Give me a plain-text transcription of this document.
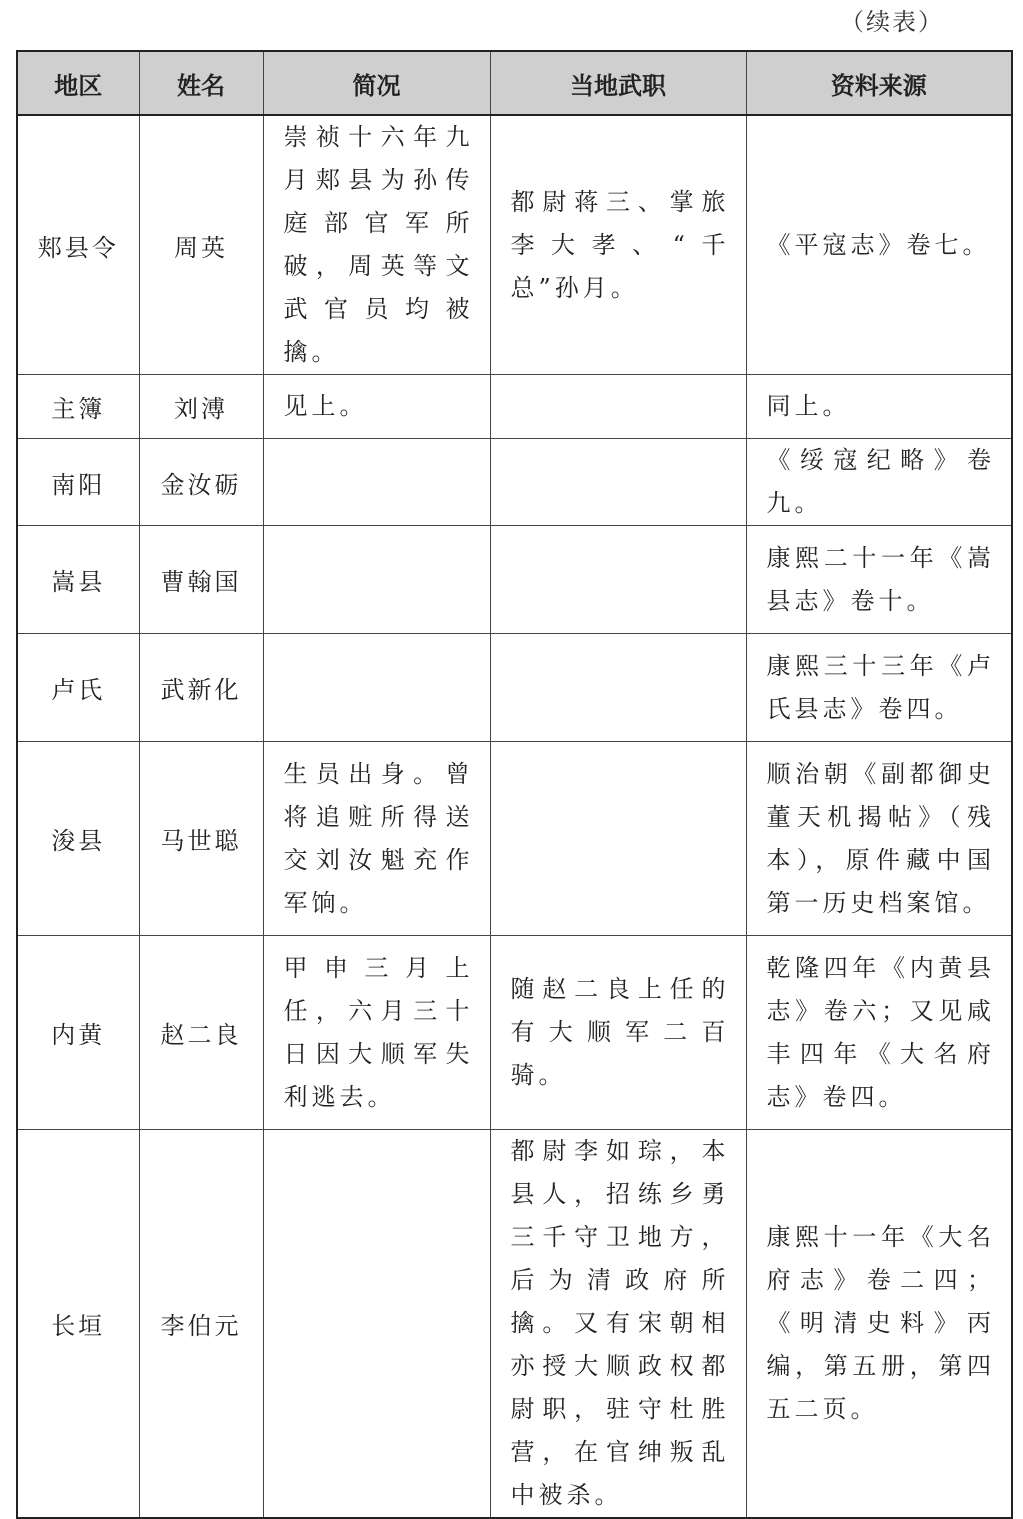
（续表）
地区	姓名	简况	当地武职	资料来源
郏县令	周英	崇祯十六年九月郏县为孙传庭部官军所破，周英等文武官员均被擒。	都尉蒋三、掌旅李大孝、“千总”孙月。	《平寇志》卷七。
主簿	刘溥	见上。		同上。
南阳	金汝砺			《绥寇纪略》卷九。
嵩县	曹翰国			康熙二十一年《嵩县志》卷十。
卢氏	武新化			康熙三十三年《卢氏县志》卷四。
浚县	马世聪	生员出身。曾将追赃所得送交刘汝魁充作军饷。		顺治朝《副都御史董天机揭帖》（残本），原件藏中国第一历史档案馆。
内黄	赵二良	甲申三月上任，六月三十日因大顺军失利逃去。	随赵二良上任的有大顺军二百骑。	乾隆四年《内黄县志》卷六；又见咸丰四年《大名府志》卷四。
长垣	李伯元		都尉李如琮，本县人，招练乡勇三千守卫地方，后为清政府所擒。又有宋朝相亦授大顺政权都尉职，驻守杜胜营，在官绅叛乱中被杀。	康熙十一年《大名府志》卷二四；《明清史料》丙编，第五册，第四五二页。
